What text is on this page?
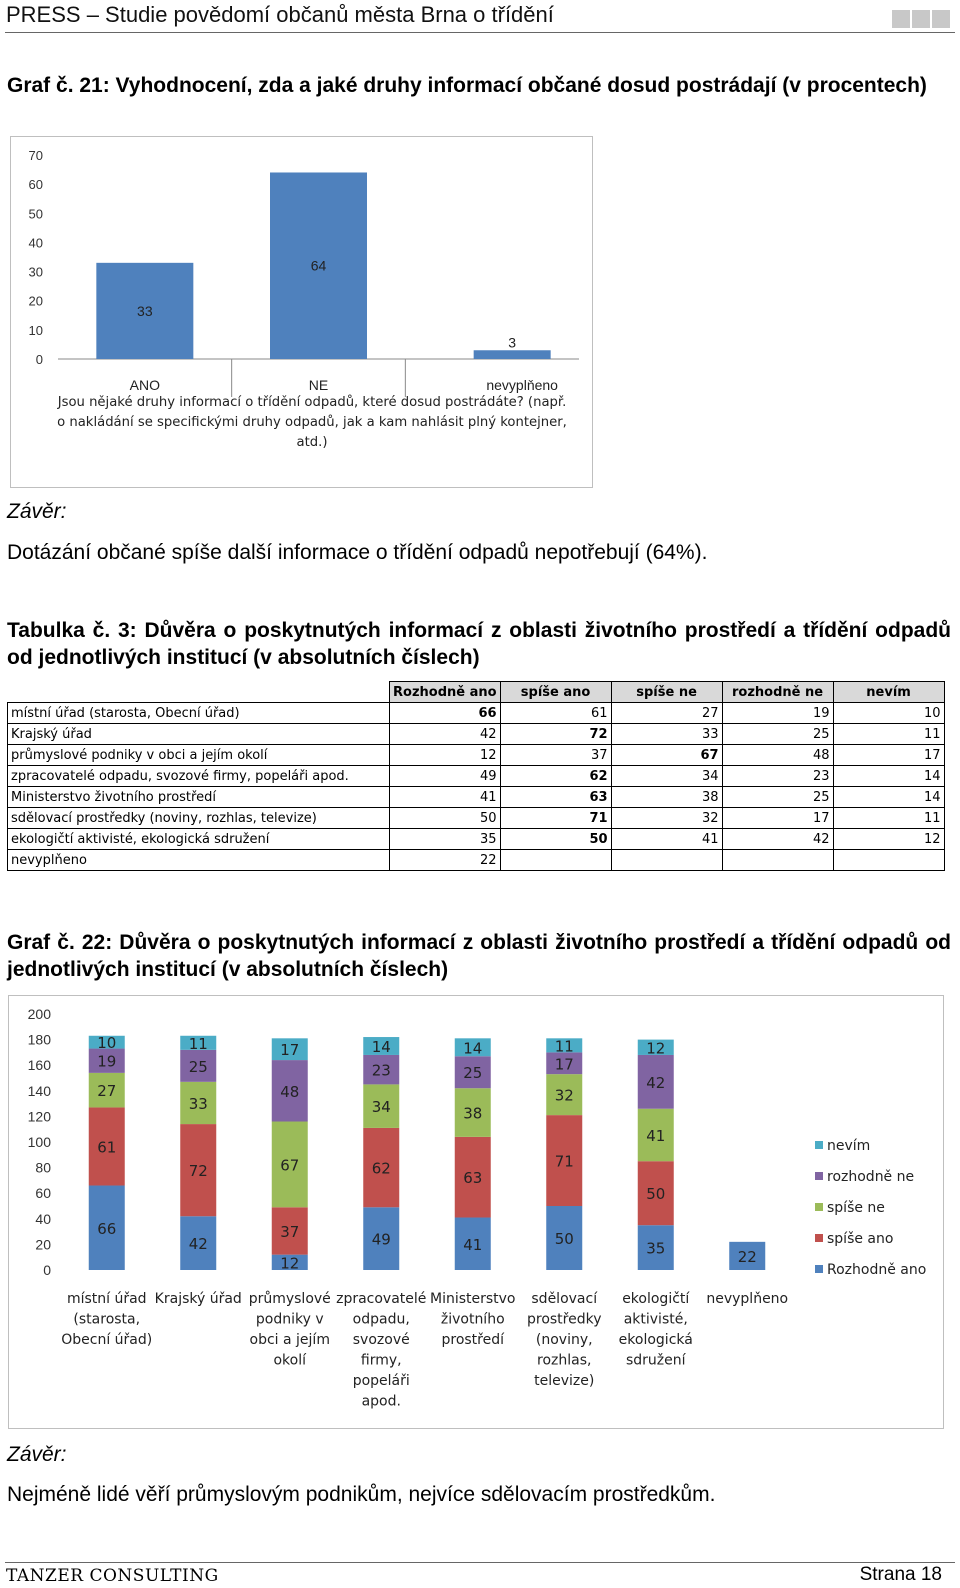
PRESS – Studie povědomí občanů města Brna o třídění
Graf č. 21: Vyhodnocení, zda a jaké druhy informací občané dosud postrádají (v procentech)
0
10
20
30
40
50
60
70
33
ANO
64
NE
3
nevyplňeno
Jsou nějaké druhy informací o třídění odpadů, které dosud postrádáte? (např.
o nakládání se specifickými druhy odpadů, jak a kam nahlásit plný kontejner,
atd.)
Závěr:
Dotázání občané spíše další informace o třídění odpadů nepotřebují (64%).
Tabulka č. 3: Důvěra o poskytnutých informací z oblasti životního prostředí a třídění odpadů od jednotlivých institucí (v absolutních číslech)
	Rozhodně ano	spíše ano	spíše ne	rozhodně ne	nevím
místní úřad (starosta, Obecní úřad)	66	61	27	19	10
Krajský úřad	42	72	33	25	11
průmyslové podniky v obci a jejím okolí	12	37	67	48	17
zpracovatelé odpadu, svozové firmy, popeláři apod.	49	62	34	23	14
Ministerstvo životního prostředí	41	63	38	25	14
sdělovací prostředky (noviny, rozhlas, televize)	50	71	32	17	11
ekologičtí aktivisté, ekologická sdružení	35	50	41	42	12
nevyplňeno	22				
Graf č. 22: Důvěra o poskytnutých informací z oblasti životního prostředí a třídění odpadů od jednotlivých institucí (v absolutních číslech)
0
20
40
60
80
100
120
140
160
180
200
66
61
27
19
10
místní úřad
(starosta,
Obecní úřad)
42
72
33
25
11
Krajský úřad
12
37
67
48
17
průmyslové
podniky v
obci a jejím
okolí
49
62
34
23
14
zpracovatelé
odpadu,
svozové
firmy,
popeláři
apod.
41
63
38
25
14
Ministerstvo
životního
prostředí
50
71
32
17
11
sdělovací
prostředky
(noviny,
rozhlas,
televize)
35
50
41
42
12
ekologičtí
aktivisté,
ekologická
sdružení
22
nevyplňeno
nevím
rozhodně ne
spíše ne
spíše ano
Rozhodně ano
Závěr:
Nejméně lidé věří průmyslovým podnikům, nejvíce sdělovacím prostředkům.
TANZER CONSULTING	Strana 18
